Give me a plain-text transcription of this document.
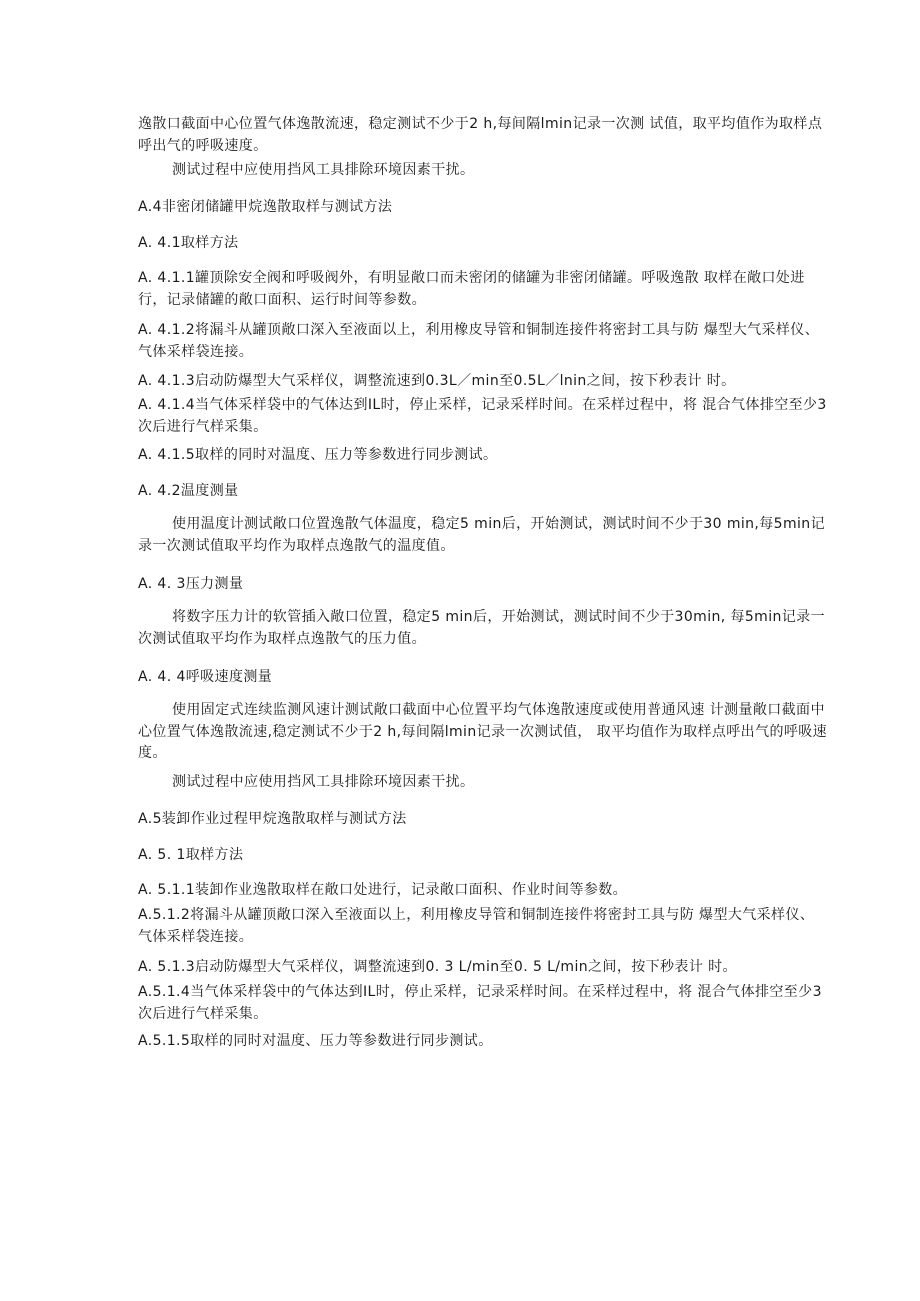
逸散口截面中心位置气体逸散流速，稳定测试不少于2 h,每间隔lmin记录一次测 试值，取平均值作为取样点呼出气的呼吸速度。
测试过程中应使用挡风工具排除环境因素干扰。
A.4非密闭储罐甲烷逸散取样与测试方法
A. 4.1取样方法
A. 4.1.1罐顶除安全阀和呼吸阀外，有明显敞口而未密闭的储罐为非密闭储罐。呼吸逸散 取样在敞口处进行，记录储罐的敞口面积、运行时间等参数。
A. 4.1.2将漏斗从罐顶敞口深入至液面以上，利用橡皮导管和铜制连接件将密封工具与防 爆型大气采样仪、气体采样袋连接。
A. 4.1.3启动防爆型大气采样仪，调整流速到0.3L／min至0.5L／lnin之间，按下秒表计 时。
A. 4.1.4当气体采样袋中的气体达到IL时，停止采样，记录采样时间。在采样过程中，将 混合气体排空至少3次后进行气样采集。
A. 4.1.5取样的同时对温度、压力等参数进行同步测试。
A. 4.2温度测量
使用温度计测试敞口位置逸散气体温度，稳定5 min后，开始测试，测试时间不少于30 min,每5min记录一次测试值取平均作为取样点逸散气的温度值。
A. 4. 3压力测量
将数字压力计的软管插入敞口位置，稳定5 min后，开始测试，测试时间不少于30min, 每5min记录一次测试值取平均作为取样点逸散气的压力值。
A. 4. 4呼吸速度测量
使用固定式连续监测风速计测试敞口截面中心位置平均气体逸散速度或使用普通风速 计测量敞口截面中心位置气体逸散流速,稳定测试不少于2 h,每间隔lmin记录一次测试值， 取平均值作为取样点呼出气的呼吸速度。
测试过程中应使用挡风工具排除环境因素干扰。
A.5装卸作业过程甲烷逸散取样与测试方法
A. 5. 1取样方法
A. 5.1.1装卸作业逸散取样在敞口处进行，记录敞口面积、作业时间等参数。
A.5.1.2将漏斗从罐顶敞口深入至液面以上，利用橡皮导管和铜制连接件将密封工具与防 爆型大气采样仪、气体采样袋连接。
A. 5.1.3启动防爆型大气采样仪，调整流速到0. 3 L/min至0. 5 L/min之间，按下秒表计 时。
A.5.1.4当气体采样袋中的气体达到IL时，停止采样，记录采样时间。在采样过程中，将 混合气体排空至少3次后进行气样采集。
A.5.1.5取样的同时对温度、压力等参数进行同步测试。
